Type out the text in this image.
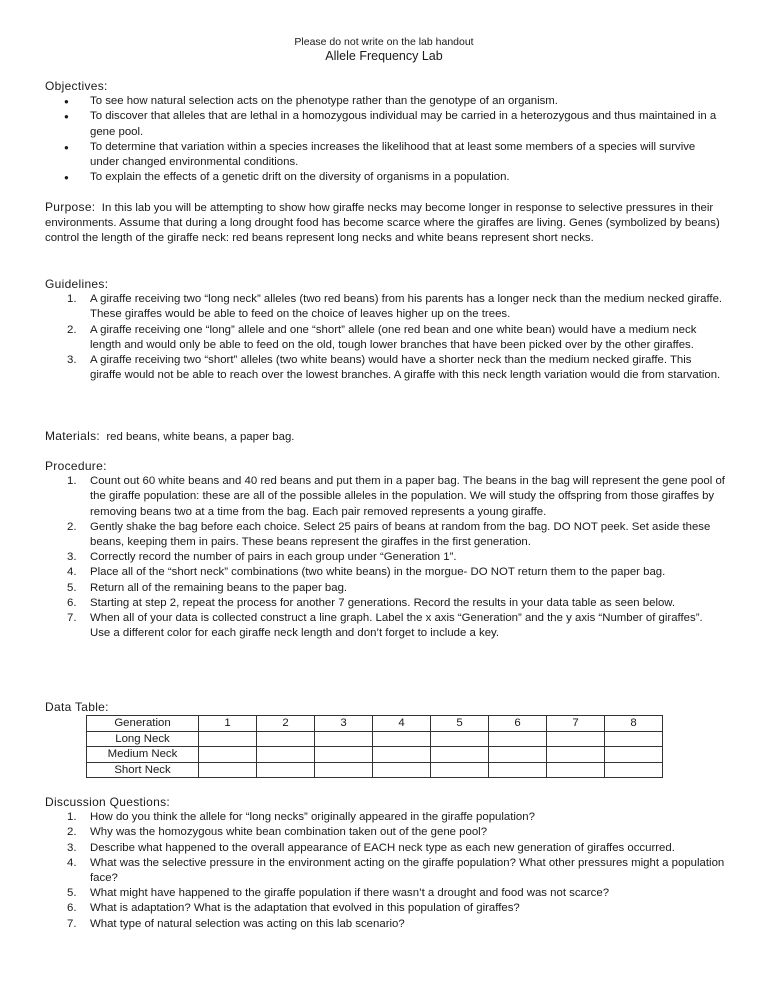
Please do not write on the lab handout
Allele Frequency Lab
Objectives:
● To see how natural selection acts on the phenotype rather than the genotype of an organism.
● To discover that alleles that are lethal in a homozygous individual may be carried in a heterozygous and thus maintained in a gene pool.
● To determine that variation within a species increases the likelihood that at least some members of a species will survive under changed environmental conditions.
● To explain the effects of a genetic drift on the diversity of organisms in a population.
Purpose: In this lab you will be attempting to show how giraffe necks may become longer in response to selective pressures in their environments. Assume that during a long drought food has become scarce where the giraffes are living. Genes (symbolized by beans) control the length of the giraffe neck: red beans represent long necks and white beans represent short necks.
Guidelines:
1. A giraffe receiving two “long neck” alleles (two red beans) from his parents has a longer neck than the medium necked giraffe. These giraffes would be able to feed on the choice of leaves higher up on the trees.
2. A giraffe receiving one “long” allele and one “short” allele (one red bean and one white bean) would have a medium neck length and would only be able to feed on the old, tough lower branches that have been picked over by the other giraffes.
3. A giraffe receiving two “short” alleles (two white beans) would have a shorter neck than the medium necked giraffe. This giraffe would not be able to reach over the lowest branches. A giraffe with this neck length variation would die from starvation.
Materials: red beans, white beans, a paper bag.
Procedure:
1. Count out 60 white beans and 40 red beans and put them in a paper bag. The beans in the bag will represent the gene pool of the giraffe population: these are all of the possible alleles in the population. We will study the offspring from those giraffes by removing beans two at a time from the bag. Each pair removed represents a young giraffe.
2. Gently shake the bag before each choice. Select 25 pairs of beans at random from the bag. DO NOT peek. Set aside these beans, keeping them in pairs. These beans represent the giraffes in the first generation.
3. Correctly record the number of pairs in each group under “Generation 1”.
4. Place all of the “short neck” combinations (two white beans) in the morgue- DO NOT return them to the paper bag.
5. Return all of the remaining beans to the paper bag.
6. Starting at step 2, repeat the process for another 7 generations. Record the results in your data table as seen below.
7. When all of your data is collected construct a line graph. Label the x axis “Generation” and the y axis “Number of giraffes”. Use a different color for each giraffe neck length and don’t forget to include a key.
Data Table:
Generation	1	2	3	4	5	6	7	8
Long Neck								
Medium Neck								
Short Neck								
Discussion Questions:
1. How do you think the allele for “long necks” originally appeared in the giraffe population?
2. Why was the homozygous white bean combination taken out of the gene pool?
3. Describe what happened to the overall appearance of EACH neck type as each new generation of giraffes occurred.
4. What was the selective pressure in the environment acting on the giraffe population? What other pressures might a population face?
5. What might have happened to the giraffe population if there wasn’t a drought and food was not scarce?
6. What is adaptation? What is the adaptation that evolved in this population of giraffes?
7. What type of natural selection was acting on this lab scenario?
